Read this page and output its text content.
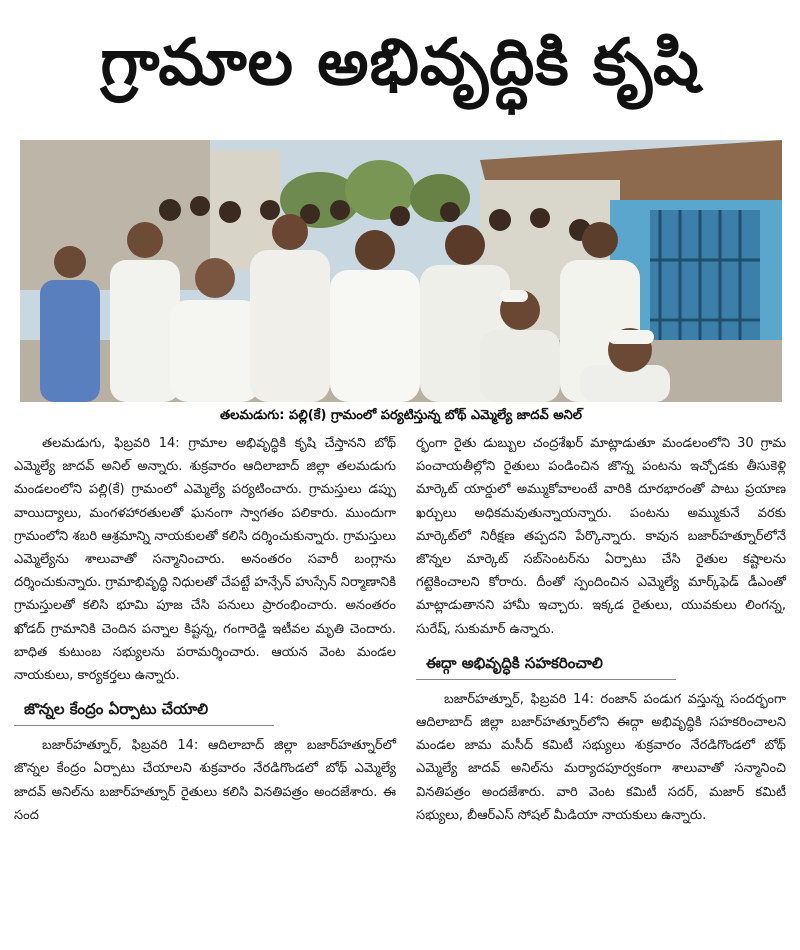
గ్రామాల అభివృద్ధికి కృషి
తలమడుగు: పల్లి(కే) గ్రామంలో పర్యటిస్తున్న బోథ్ ఎమ్మెల్యే జాదవ్ అనిల్

తలమడుగు, ఫిబ్రవరి 14: గ్రామాల అభివృద్ధికి కృషి చేస్తానని బోథ్ ఎమ్మెల్యే జాదవ్ అనిల్ అన్నారు. శుక్రవారం ఆదిలాబాద్ జిల్లా తలమడుగు మండలంలోని పల్లి(కే) గ్రామంలో ఎమ్మెల్యే పర్యటించారు. గ్రామస్తులు డప్పు వాయిద్యాలు, మంగళహారతులతో ఘనంగా స్వాగతం పలికారు. ముందుగా గ్రామంలోని శబరి ఆశ్రమాన్ని నాయకులతో కలిసి దర్శించుకున్నారు. గ్రామస్తులు ఎమ్మెల్యేను శాలువాతో సన్మానించారు. అనంతరం సవారీ బంగ్లాను దర్శించుకున్నారు. గ్రామాభివృద్ధి నిధులతో చేపట్టే హన్సేన్ హుస్సేన్ నిర్మాణానికి గ్రామస్తులతో కలిసి భూమి పూజ చేసి పనులు ప్రారంభించారు. అనంతరం ఖోడద్ గ్రామానికి చెందిన పన్నాల కిష్టన్న, గంగారెడ్డి ఇటీవల మృతి చెందారు. బాధిత కుటుంబ సభ్యులను పరామర్శించారు. ఆయన వెంట మండల నాయకులు, కార్యకర్తలు ఉన్నారు.

జొన్నల కేంద్రం ఏర్పాటు చేయాలి

బజార్‌హత్నూర్, ఫిబ్రవరి 14: ఆదిలాబాద్ జిల్లా బజార్‌హత్నూర్‌లో జొన్నల కేంద్రం ఏర్పాటు చేయాలని శుక్రవారం నేరడిగొండలో బోథ్ ఎమ్మెల్యే జాదవ్ అనిల్‌ను బజార్‌హత్నూర్ రైతులు కలిసి వినతిపత్రం అందజేశారు. ఈ సంద

ర్భంగా రైతు డుబ్బుల చంద్రశేఖర్ మాట్లాడుతూ మండలంలోని 30 గ్రామ పంచాయతీల్లోని రైతులు పండించిన జొన్న పంటను ఇచ్చోడకు తీసుకెళ్లి మార్కెట్ యార్డులో అమ్ముకోవాలంటే వారికి దూరభారంతో పాటు ప్రయాణ ఖర్చులు అధికమవుతున్నాయన్నారు. పంటను అమ్ముకునే వరకు మార్కెట్‌లో నిరీక్షణ తప్పదని పేర్కొన్నారు. కావున బజార్‌హత్నూర్‌లోనే జొన్నల మార్కెట్ సబ్‌సెంటర్‌ను ఏర్పాటు చేసి రైతుల కష్టాలను గట్టెకించాలని కోరారు. దీంతో స్పందించిన ఎమ్మెల్యే మార్క్‌ఫెడ్ డీఎంతో మాట్లాడుతానని హామీ ఇచ్చారు. ఇక్కడ రైతులు, యువకులు లింగన్న, సురేష్, సుకుమార్ ఉన్నారు.

ఈద్గా అభివృద్ధికి సహకరించాలి

బజార్‌హత్నూర్, ఫిబ్రవరి 14: రంజాన్ పండుగ వస్తున్న సందర్భంగా ఆదిలాబాద్ జిల్లా బజార్‌హత్నూర్‌లోని ఈద్గా అభివృద్ధికి సహకరించాలని మండల జామ మసీద్ కమిటీ సభ్యులు శుక్రవారం నేరడిగొండలో బోథ్ ఎమ్మెల్యే జాదవ్ అనిల్‌ను మర్యాదపూర్వకంగా శాలువాతో సన్మానించి వినతిపత్రం అందజేశారు. వారి వెంట కమిటీ సదర్, మజార్ కమిటీ సభ్యులు, బీఆర్ఎస్ సోషల్ మీడియా నాయకులు ఉన్నారు.
